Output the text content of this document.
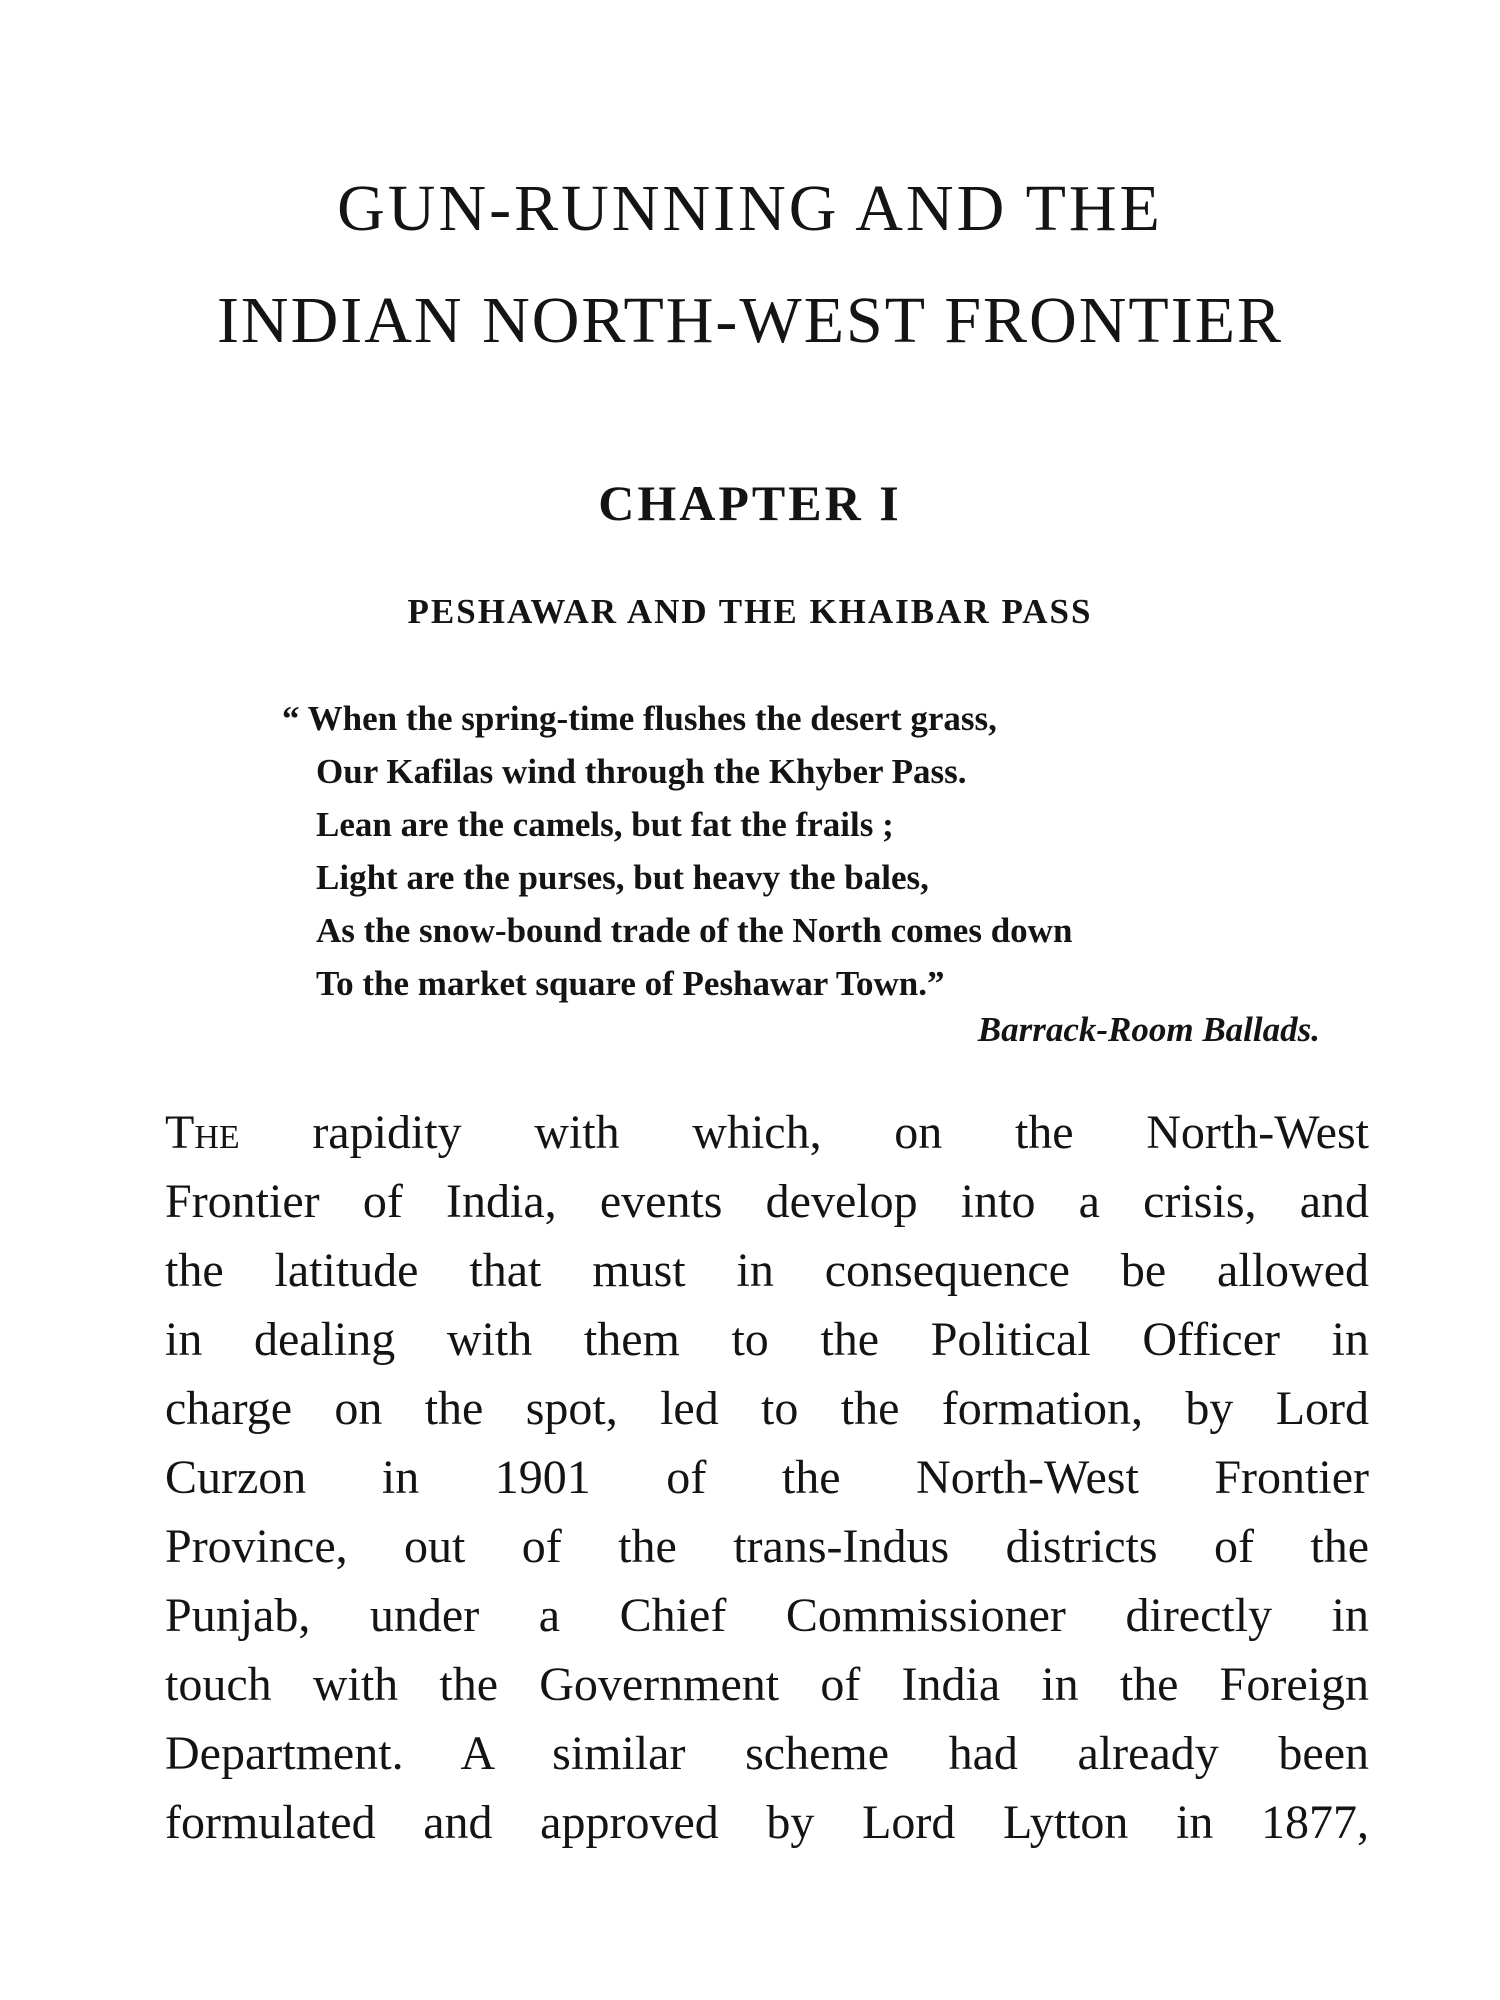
GUN-RUNNING AND THE
INDIAN NORTH-WEST FRONTIER
CHAPTER I
PESHAWAR AND THE KHAIBAR PASS
“ When the spring-time flushes the desert grass,
Our Kafilas wind through the Khyber Pass.
Lean are the camels, but fat the frails ;
Light are the purses, but heavy the bales,
As the snow-bound trade of the North comes down
To the market square of Peshawar Town.”
Barrack-Room Ballads.
The rapidity with which, on the North-West
Frontier of India, events develop into a crisis, and
the latitude that must in consequence be allowed
in dealing with them to the Political Officer in
charge on the spot, led to the formation, by Lord
Curzon in 1901 of the North-West Frontier
Province, out of the trans-Indus districts of the
Punjab, under a Chief Commissioner directly in
touch with the Government of India in the Foreign
Department. A similar scheme had already been
formulated and approved by Lord Lytton in 1877,
